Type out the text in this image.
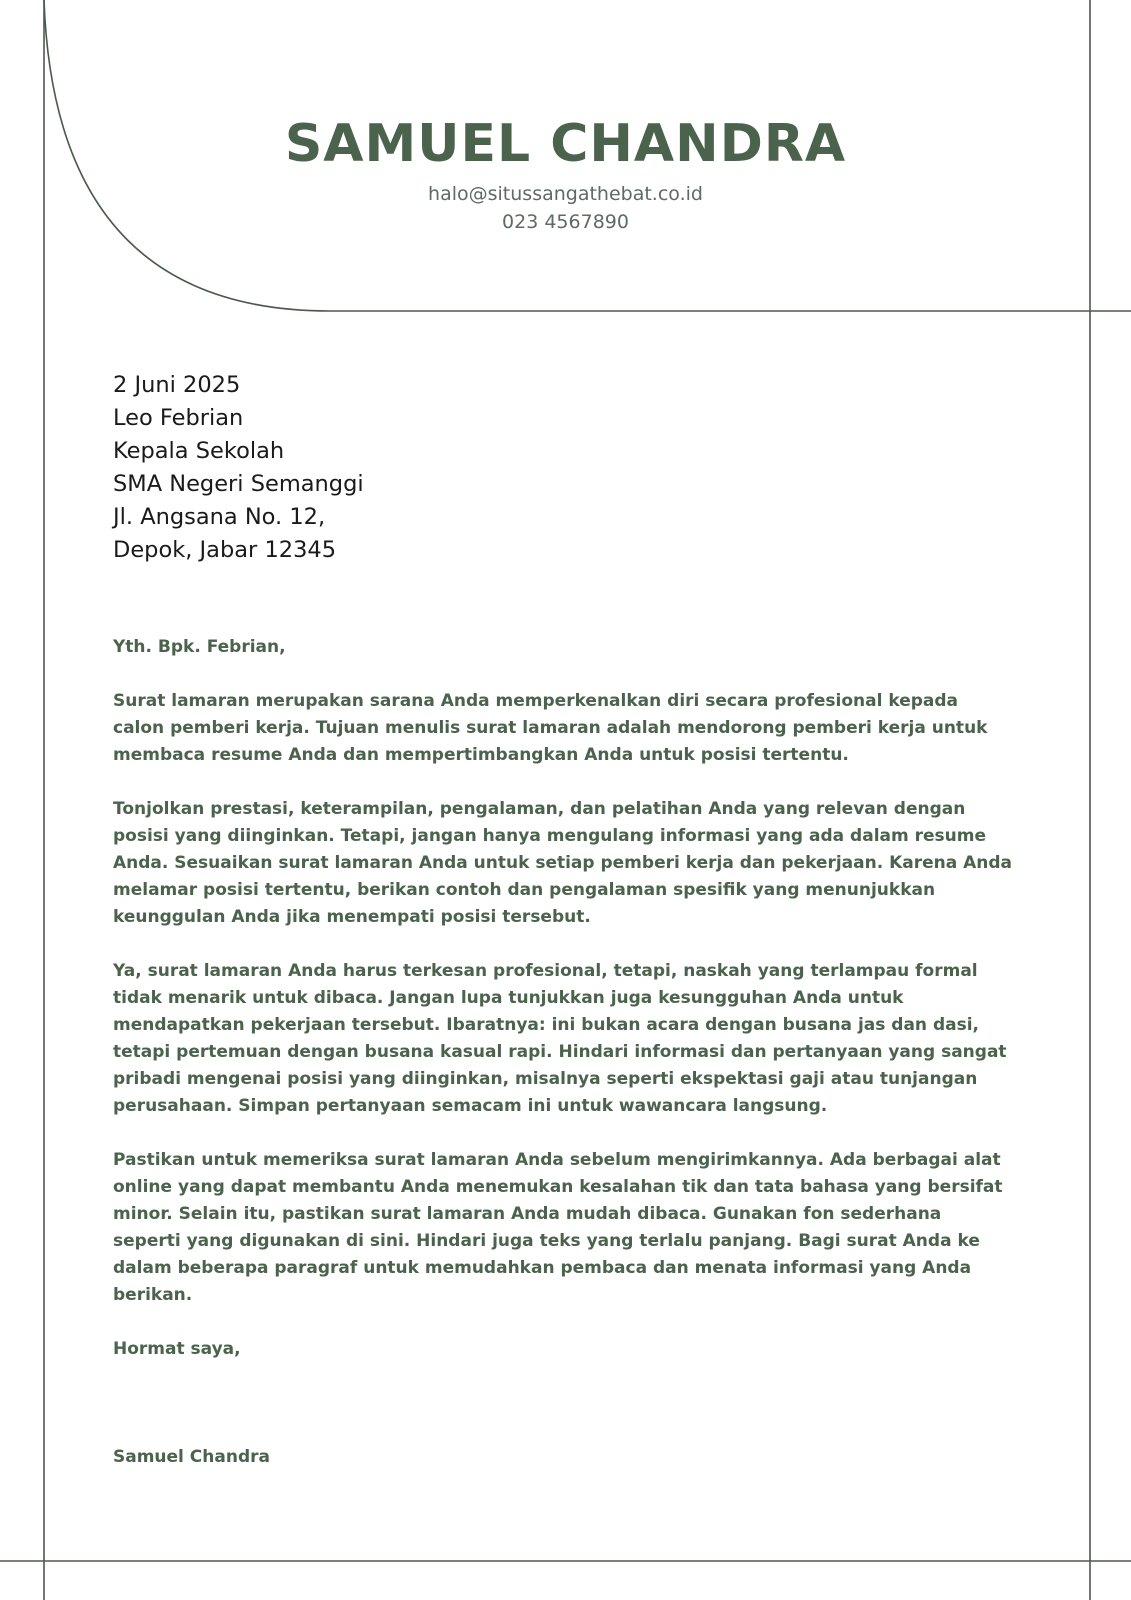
SAMUEL CHANDRA
halo@situssangathebat.co.id
023 4567890
2 Juni 2025
Leo Febrian
Kepala Sekolah
SMA Negeri Semanggi
Jl. Angsana No. 12,
Depok, Jabar 12345

Yth. Bpk. Febrian,

Surat lamaran merupakan sarana Anda memperkenalkan diri secara profesional kepada calon pemberi kerja. Tujuan menulis surat lamaran adalah mendorong pemberi kerja untuk membaca resume Anda dan mempertimbangkan Anda untuk posisi tertentu.

Tonjolkan prestasi, keterampilan, pengalaman, dan pelatihan Anda yang relevan dengan posisi yang diinginkan. Tetapi, jangan hanya mengulang informasi yang ada dalam resume Anda. Sesuaikan surat lamaran Anda untuk setiap pemberi kerja dan pekerjaan. Karena Anda melamar posisi tertentu, berikan contoh dan pengalaman spesifik yang menunjukkan keunggulan Anda jika menempati posisi tersebut.

Ya, surat lamaran Anda harus terkesan profesional, tetapi, naskah yang terlampau formal tidak menarik untuk dibaca. Jangan lupa tunjukkan juga kesungguhan Anda untuk mendapatkan pekerjaan tersebut. Ibaratnya: ini bukan acara dengan busana jas dan dasi, tetapi pertemuan dengan busana kasual rapi. Hindari informasi dan pertanyaan yang sangat pribadi mengenai posisi yang diinginkan, misalnya seperti ekspektasi gaji atau tunjangan perusahaan. Simpan pertanyaan semacam ini untuk wawancara langsung.

Pastikan untuk memeriksa surat lamaran Anda sebelum mengirimkannya. Ada berbagai alat online yang dapat membantu Anda menemukan kesalahan tik dan tata bahasa yang bersifat minor. Selain itu, pastikan surat lamaran Anda mudah dibaca. Gunakan fon sederhana seperti yang digunakan di sini. Hindari juga teks yang terlalu panjang. Bagi surat Anda ke dalam beberapa paragraf untuk memudahkan pembaca dan menata informasi yang Anda berikan.

Hormat saya,

Samuel Chandra
